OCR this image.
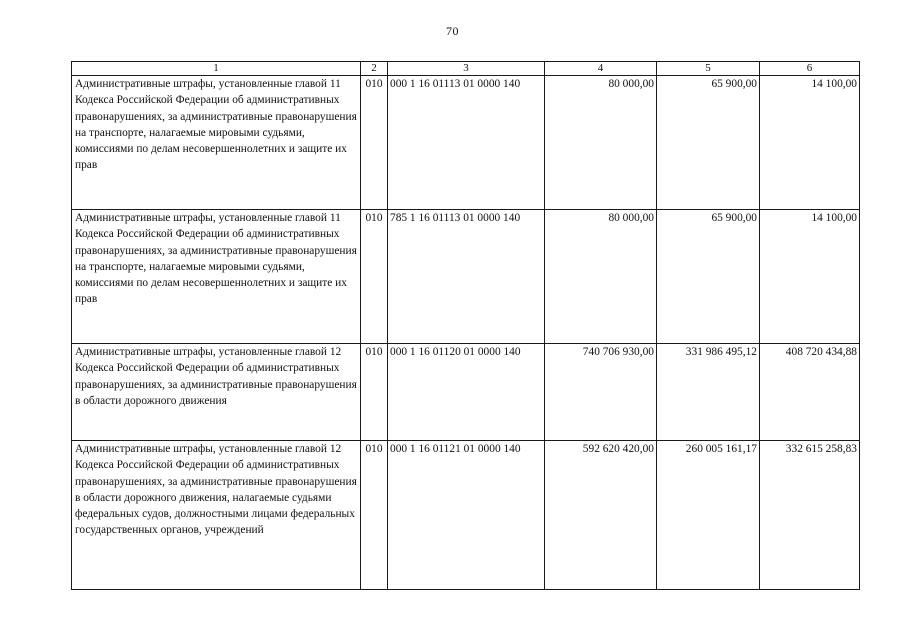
70
1	2	3	4	5	6
Административные штрафы, установленные главой 11 Кодекса Российской Федерации об административных правонарушениях, за административные правонарушения на транспорте, налагаемые мировыми судьями, комиссиями по делам несовершеннолетних и защите их прав	010	000 1 16 01113 01 0000 140	80 000,00	65 900,00	14 100,00
Административные штрафы, установленные главой 11 Кодекса Российской Федерации об административных правонарушениях, за административные правонарушения на транспорте, налагаемые мировыми судьями, комиссиями по делам несовершеннолетних и защите их прав	010	785 1 16 01113 01 0000 140	80 000,00	65 900,00	14 100,00
Административные штрафы, установленные главой 12 Кодекса Российской Федерации об административных правонарушениях, за административные правонарушения в области дорожного движения	010	000 1 16 01120 01 0000 140	740 706 930,00	331 986 495,12	408 720 434,88
Административные штрафы, установленные главой 12 Кодекса Российской Федерации об административных правонарушениях, за административные правонарушения в области дорожного движения, налагаемые судьями федеральных судов, должностными лицами федеральных государственных органов, учреждений	010	000 1 16 01121 01 0000 140	592 620 420,00	260 005 161,17	332 615 258,83
